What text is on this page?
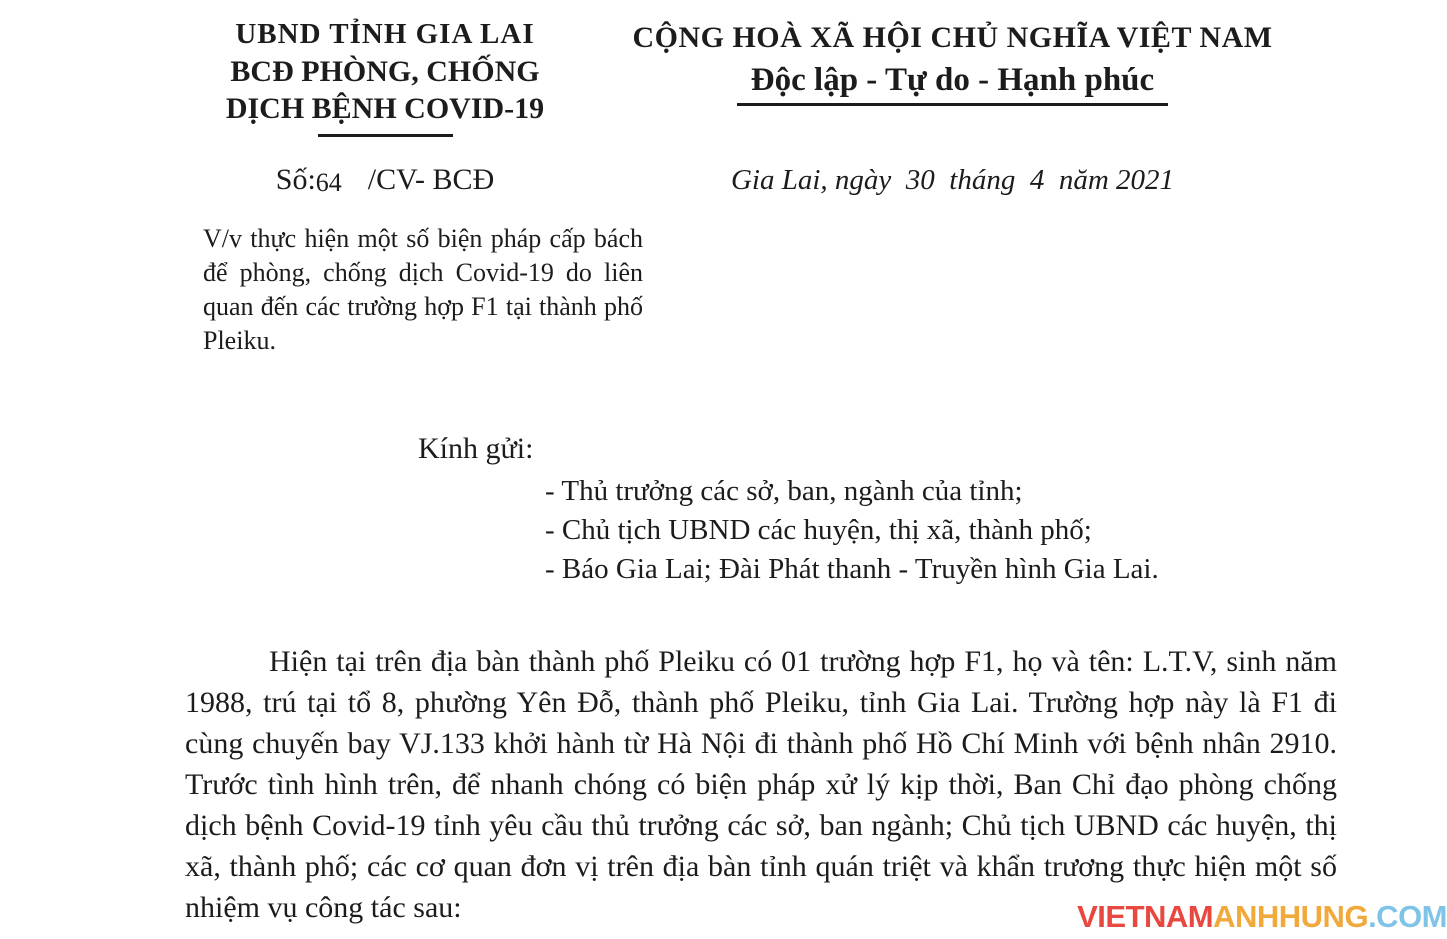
UBND TỈNH GIA LAI
BCĐ PHÒNG, CHỐNG
DỊCH BỆNH COVID-19
Số:64 /CV- BCĐ
V/v thực hiện một số biện pháp cấp bách để phòng, chống dịch Covid-19 do liên quan đến các trường hợp F1 tại thành phố Pleiku.
CỘNG HOÀ XÃ HỘI CHỦ NGHĨA VIỆT NAM
Độc lập - Tự do - Hạnh phúc
Gia Lai, ngày  30  tháng  4  năm 2021
Kính gửi:
- Thủ trưởng các sở, ban, ngành của tỉnh;
- Chủ tịch UBND các huyện, thị xã, thành phố;
- Báo Gia Lai; Đài Phát thanh - Truyền hình Gia Lai.
Hiện tại trên địa bàn thành phố Pleiku có 01 trường hợp F1, họ và tên: L.T.V, sinh năm 1988, trú tại tổ 8, phường Yên Đỗ, thành phố Pleiku, tỉnh Gia Lai. Trường hợp này là F1 đi cùng chuyến bay VJ.133 khởi hành từ Hà Nội đi thành phố Hồ Chí Minh với bệnh nhân 2910. Trước tình hình trên, để nhanh chóng có biện pháp xử lý kịp thời, Ban Chỉ đạo phòng chống dịch bệnh Covid-19 tỉnh yêu cầu thủ trưởng các sở, ban ngành; Chủ tịch UBND các huyện, thị xã, thành phố; các cơ quan đơn vị trên địa bàn tỉnh quán triệt và khẩn trương thực hiện một số nhiệm vụ công tác sau:	VIETNAMANHHUNG.COM
